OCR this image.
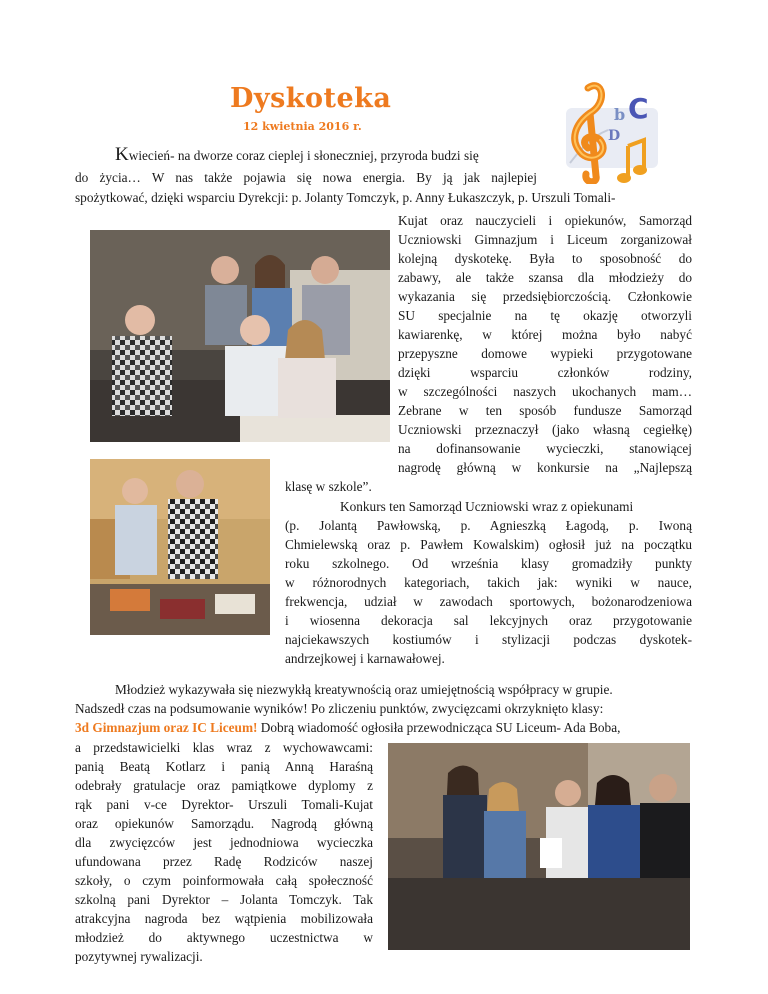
Dyskoteka
12 kwietnia 2016 r.
b C
D
Kwiecień- na dworze coraz cieplej i słoneczniej, przyroda budzi się
do życia… W nas także pojawia się nowa energia. By ją jak najlepiej
spożytkować, dzięki wsparciu Dyrekcji: p. Jolanty Tomczyk, p. Anny Łukaszczyk, p. Urszuli Tomali-
Kujat oraz nauczycieli i opiekunów, Samorząd
Uczniowski Gimnazjum i Liceum zorganizował
kolejną dyskotekę. Była to sposobność do
zabawy, ale także szansa dla młodzieży do
wykazania się przedsiębiorczością. Członkowie
SU specjalnie na tę okazję otworzyli
kawiarenkę, w której można było nabyć
przepyszne domowe wypieki przygotowane
dzięki wsparciu członków rodziny,
w szczególności naszych ukochanych mam…
Zebrane w ten sposób fundusze Samorząd
Uczniowski przeznaczył (jako własną cegiełkę)
na dofinansowanie wycieczki, stanowiącej
nagrodę główną w konkursie na „Najlepszą
klasę w szkole”.
Konkurs ten Samorząd Uczniowski wraz z opiekunami
(p. Jolantą Pawłowską, p. Agnieszką Łagodą, p. Iwoną
Chmielewską oraz p. Pawłem Kowalskim) ogłosił już na początku
roku szkolnego. Od września klasy gromadziły punkty
w różnorodnych kategoriach, takich jak: wyniki w nauce,
frekwencja, udział w zawodach sportowych, bożonarodzeniowa
i wiosenna dekoracja sal lekcyjnych oraz przygotowanie
najciekawszych kostiumów i stylizacji podczas dyskotek-
andrzejkowej i karnawałowej.
Młodzież wykazywała się niezwykłą kreatywnością oraz umiejętnością współpracy w grupie.
Nadszedł czas na podsumowanie wyników! Po zliczeniu punktów, zwycięzcami okrzyknięto klasy:
3d Gimnazjum oraz IC Liceum! Dobrą wiadomość ogłosiła przewodnicząca SU Liceum- Ada Boba,
a przedstawicielki klas wraz z wychowawcami:
panią Beatą Kotlarz i panią Anną Haraśną
odebrały gratulacje oraz pamiątkowe dyplomy z
rąk pani v-ce Dyrektor- Urszuli Tomali-Kujat
oraz opiekunów Samorządu. Nagrodą główną
dla zwycięzców jest jednodniowa wycieczka
ufundowana przez Radę Rodziców naszej
szkoły, o czym poinformowała całą społeczność
szkolną pani Dyrektor – Jolanta Tomczyk. Tak
atrakcyjna nagroda bez wątpienia mobilizowała
młodzież do aktywnego uczestnictwa w
pozytywnej rywalizacji.
